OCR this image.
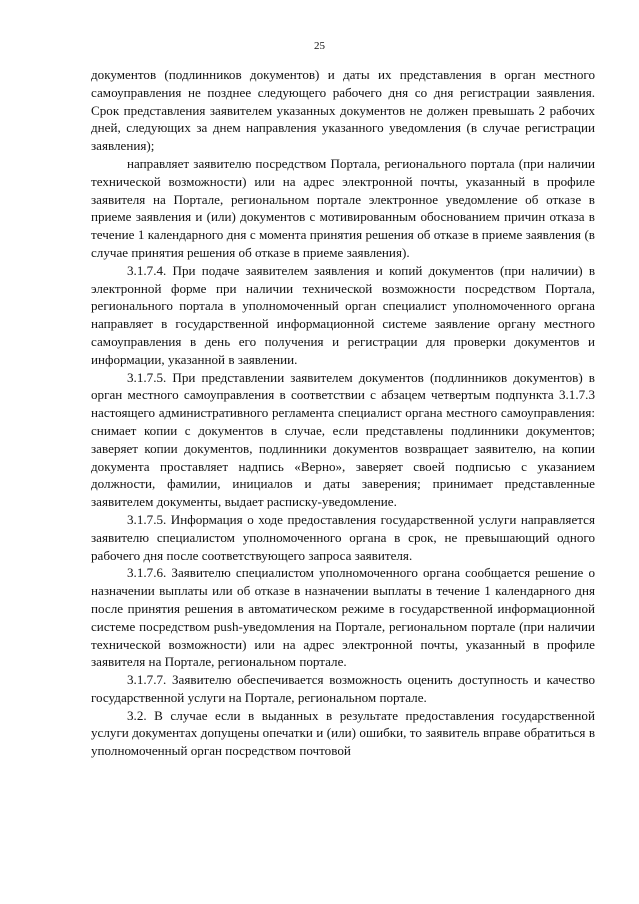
25

документов (подлинников документов) и даты их представления в орган местного самоуправления не позднее следующего рабочего дня со дня регистрации заявления. Срок представления заявителем указанных документов не должен превышать 2 рабочих дней, следующих за днем направления указанного уведомления (в случае регистрации заявления);

направляет заявителю посредством Портала, регионального портала (при наличии технической возможности) или на адрес электронной почты, указанный в профиле заявителя на Портале, региональном портале электронное уведомление об отказе в приеме заявления и (или) документов с мотивированным обоснованием причин отказа в течение 1 календарного дня с момента принятия решения об отказе в приеме заявления (в случае принятия решения об отказе в приеме заявления).

3.1.7.4. При подаче заявителем заявления и копий документов (при наличии) в электронной форме при наличии технической возможности посредством Портала, регионального портала в уполномоченный орган специалист уполномоченного органа направляет в государственной информационной системе заявление органу местного самоуправления в день его получения и регистрации для проверки документов и информации, указанной в заявлении.

3.1.7.5. При представлении заявителем документов (подлинников документов) в орган местного самоуправления в соответствии с абзацем четвертым подпункта 3.1.7.3 настоящего административного регламента специалист органа местного самоуправления: снимает копии с документов в случае, если представлены подлинники документов; заверяет копии документов, подлинники документов возвращает заявителю, на копии документа проставляет надпись «Верно», заверяет своей подписью с указанием должности, фамилии, инициалов и даты заверения; принимает представленные заявителем документы, выдает расписку-уведомление.

3.1.7.5. Информация о ходе предоставления государственной услуги направляется заявителю специалистом уполномоченного органа в срок, не превышающий одного рабочего дня после соответствующего запроса заявителя.

3.1.7.6. Заявителю специалистом уполномоченного органа сообщается решение о назначении выплаты или об отказе в назначении выплаты в течение 1 календарного дня после принятия решения в автоматическом режиме в государственной информационной системе посредством push-уведомления на Портале, региональном портале (при наличии технической возможности) или на адрес электронной почты, указанный в профиле заявителя на Портале, региональном портале.

3.1.7.7. Заявителю обеспечивается возможность оценить доступность и качество государственной услуги на Портале, региональном портале.

3.2. В случае если в выданных в результате предоставления государственной услуги документах допущены опечатки и (или) ошибки, то заявитель вправе обратиться в уполномоченный орган посредством почтовой
